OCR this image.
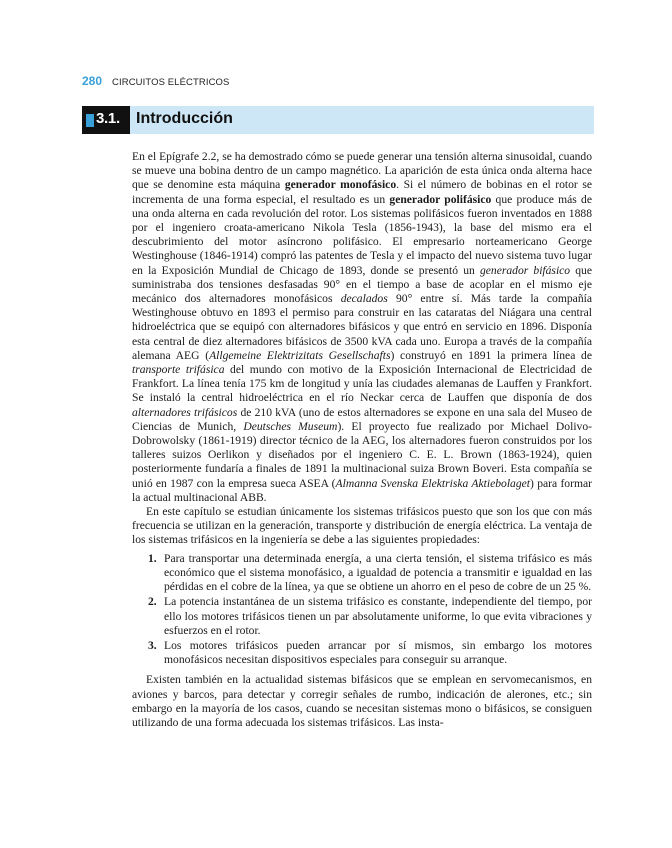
280 CIRCUITOS ELÉCTRICOS
3.1. Introducción

En el Epígrafe 2.2, se ha demostrado cómo se puede generar una tensión alterna sinusoidal, cuando se mueve una bobina dentro de un campo magnético. La aparición de esta única onda alterna hace que se denomine esta máquina generador monofásico. Si el número de bobinas en el rotor se incrementa de una forma especial, el resultado es un generador polifásico que produce más de una onda alterna en cada revolución del rotor. Los sistemas polifásicos fueron inventados en 1888 por el ingeniero croata-americano Nikola Tesla (1856-1943), la base del mismo era el descubrimiento del motor asíncrono polifásico. El empresario norteamericano George Westinghouse (1846-1914) compró las patentes de Tesla y el impacto del nuevo sistema tuvo lugar en la Exposición Mundial de Chicago de 1893, donde se presentó un generador bifásico que suministraba dos tensiones desfasadas 90° en el tiempo a base de acoplar en el mismo eje mecánico dos alternadores monofásicos decalados 90° entre sí. Más tarde la compañía Westinghouse obtuvo en 1893 el permiso para construir en las cataratas del Niágara una central hidroeléctrica que se equipó con alternadores bifásicos y que entró en servicio en 1896. Disponía esta central de diez alternadores bifásicos de 3500 kVA cada uno. Europa a través de la compañía alemana AEG (Allgemeine Elektrizitats Gesellschafts) construyó en 1891 la primera línea de transporte trifásica del mundo con motivo de la Exposición Internacional de Electricidad de Frankfort. La línea tenía 175 km de longitud y unía las ciudades alemanas de Lauffen y Frankfort. Se instaló la central hidroeléctrica en el río Neckar cerca de Lauffen que disponía de dos alternadores trifásicos de 210 kVA (uno de estos alternadores se expone en una sala del Museo de Ciencias de Munich, Deutsches Museum). El proyecto fue realizado por Michael Dolivo-Dobrowolsky (1861-1919) director técnico de la AEG, los alternadores fueron construidos por los talleres suizos Oerlikon y diseñados por el ingeniero C. E. L. Brown (1863-1924), quien posteriormente fundaría a finales de 1891 la multinacional suiza Brown Boveri. Esta compañía se unió en 1987 con la empresa sueca ASEA (Almanna Svenska Elektriska Aktiebolaget) para formar la actual multinacional ABB.

En este capítulo se estudian únicamente los sistemas trifásicos puesto que son los que con más frecuencia se utilizan en la generación, transporte y distribución de energía eléctrica. La ventaja de los sistemas trifásicos en la ingeniería se debe a las siguientes propiedades:

1. Para transportar una determinada energía, a una cierta tensión, el sistema trifásico es más económico que el sistema monofásico, a igualdad de potencia a transmitir e igualdad en las pérdidas en el cobre de la línea, ya que se obtiene un ahorro en el peso de cobre de un 25 %.
2. La potencia instantánea de un sistema trifásico es constante, independiente del tiempo, por ello los motores trifásicos tienen un par absolutamente uniforme, lo que evita vibraciones y esfuerzos en el rotor.
3. Los motores trifásicos pueden arrancar por sí mismos, sin embargo los motores monofásicos necesitan dispositivos especiales para conseguir su arranque.

Existen también en la actualidad sistemas bifásicos que se emplean en servomecanismos, en aviones y barcos, para detectar y corregir señales de rumbo, indicación de alerones, etc.; sin embargo en la mayoría de los casos, cuando se necesitan sistemas mono o bifásicos, se consiguen utilizando de una forma adecuada los sistemas trifásicos. Las insta-
